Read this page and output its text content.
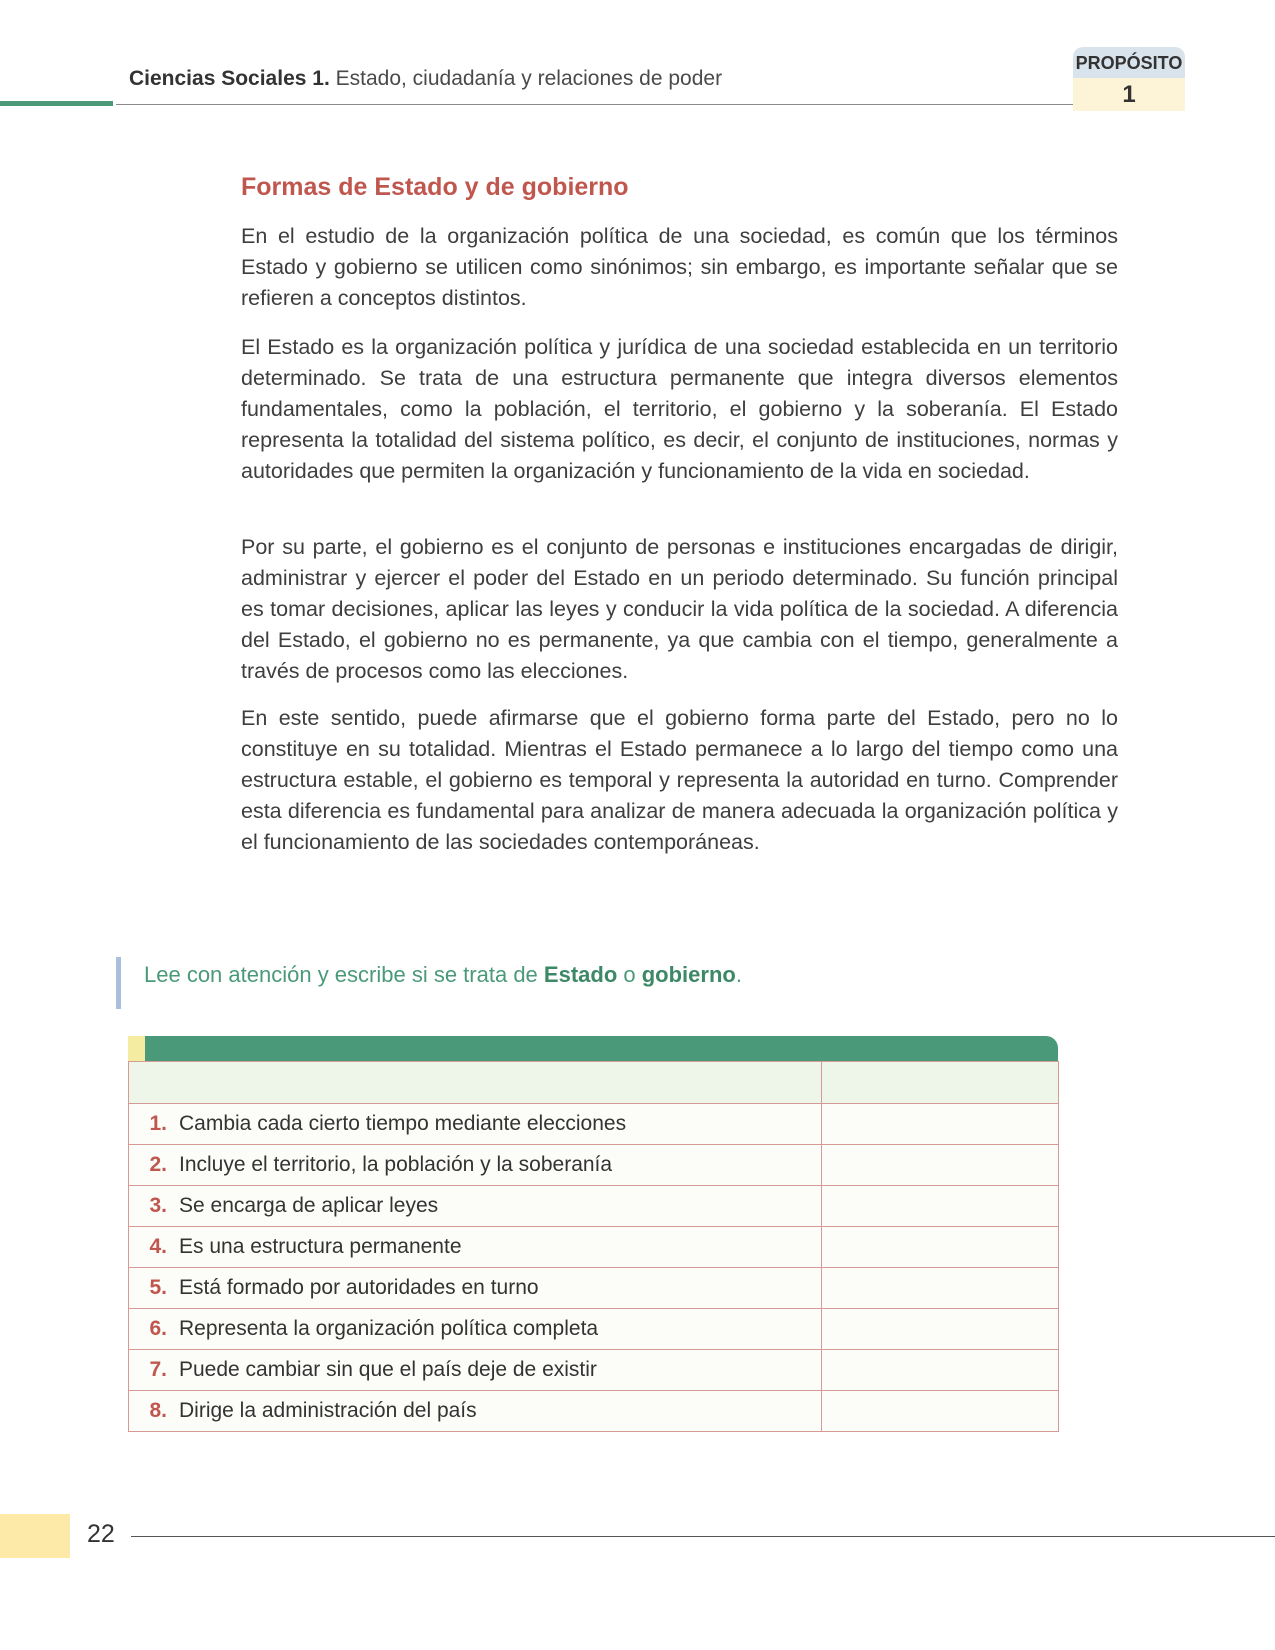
Ciencias Sociales 1. Estado, ciudadanía y relaciones de poder
PROPÓSITO
1
Formas de Estado y de gobierno

En el estudio de la organización política de una sociedad, es común que los términos Estado y gobierno se utilicen como sinónimos; sin embargo, es importante señalar que se refieren a conceptos distintos.

El Estado es la organización política y jurídica de una sociedad establecida en un territorio determinado. Se trata de una estructura permanente que integra diversos elementos fundamentales, como la población, el territorio, el gobierno y la soberanía. El Estado representa la totalidad del sistema político, es decir, el conjunto de instituciones, normas y autoridades que permiten la organización y funcionamiento de la vida en sociedad.

Por su parte, el gobierno es el conjunto de personas e instituciones encargadas de dirigir, administrar y ejercer el poder del Estado en un periodo determinado. Su función principal es tomar decisiones, aplicar las leyes y conducir la vida política de la sociedad. A diferencia del Estado, el gobierno no es permanente, ya que cambia con el tiempo, generalmente a través de procesos como las elecciones.

En este sentido, puede afirmarse que el gobierno forma parte del Estado, pero no lo constituye en su totalidad. Mientras el Estado permanece a lo largo del tiempo como una estructura estable, el gobierno es temporal y representa la autoridad en turno. Comprender esta diferencia es fundamental para analizar de manera adecuada la organización política y el funcionamiento de las sociedades contemporáneas.

Lee con atención y escribe si se trata de Estado o gobierno.

1. Cambia cada cierto tiempo mediante elecciones	
2. Incluye el territorio, la población y la soberanía	
3. Se encarga de aplicar leyes	
4. Es una estructura permanente	
5. Está formado por autoridades en turno	
6. Representa la organización política completa	
7. Puede cambiar sin que el país deje de existir	
8. Dirige la administración del país	
22
